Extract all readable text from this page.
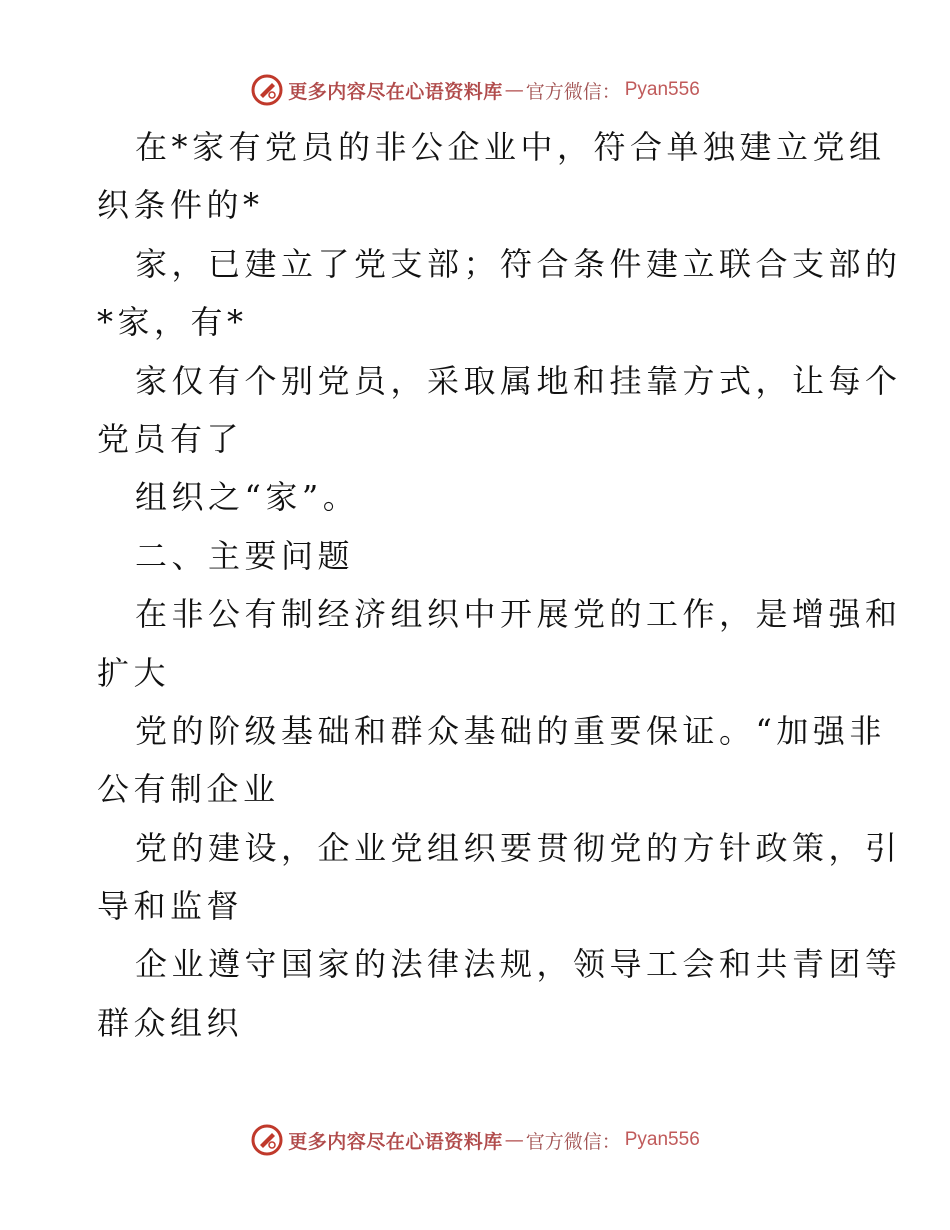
更多内容尽在心语资料库 — 官方微信： Pyan556
在*家有党员的非公企业中，符合单独建立党组
织条件的*
家，已建立了党支部；符合条件建立联合支部的
*家，有*
家仅有个别党员，采取属地和挂靠方式，让每个
党员有了
组织之“家”。
二、主要问题
在非公有制经济组织中开展党的工作，是增强和
扩大
党的阶级基础和群众基础的重要保证。“加强非
公有制企业
党的建设，企业党组织要贯彻党的方针政策，引
导和监督
企业遵守国家的法律法规，领导工会和共青团等
群众组织
更多内容尽在心语资料库 — 官方微信： Pyan556
